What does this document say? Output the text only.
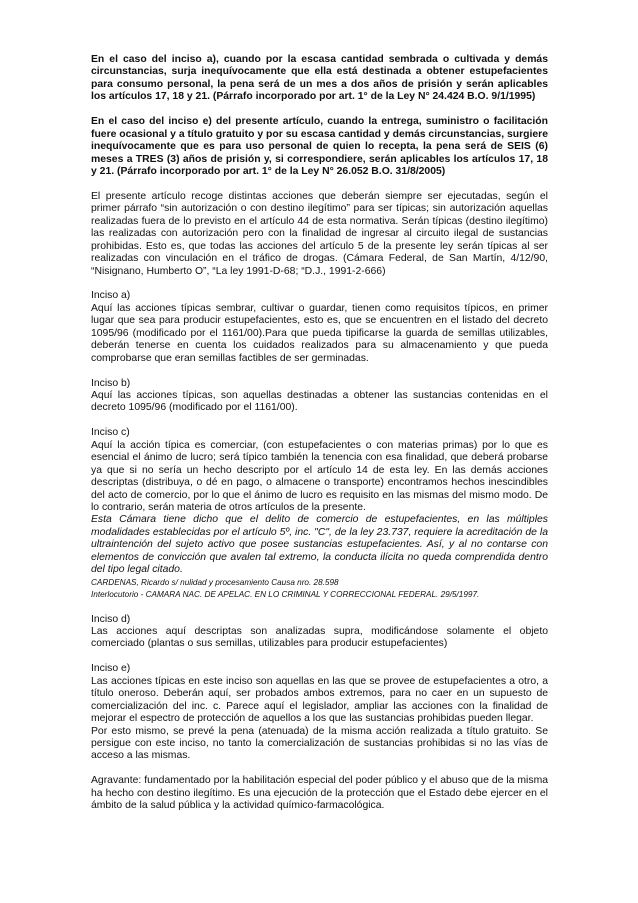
En el caso del inciso a), cuando por la escasa cantidad sembrada o cultivada y demás circunstancias, surja inequívocamente que ella está destinada a obtener estupefacientes para consumo personal, la pena será de un mes a dos años de prisión y serán aplicables los artículos 17, 18 y 21. (Párrafo incorporado por art. 1° de la Ley N° 24.424 B.O. 9/1/1995)

En el caso del inciso e) del presente artículo, cuando la entrega, suministro o facilitación fuere ocasional y a título gratuito y por su escasa cantidad y demás circunstancias, surgiere inequívocamente que es para uso personal de quien lo recepta, la pena será de SEIS (6) meses a TRES (3) años de prisión y, si correspondiere, serán aplicables los artículos 17, 18 y 21. (Párrafo incorporado por art. 1° de la Ley N° 26.052 B.O. 31/8/2005)

El presente artículo recoge distintas acciones que deberán siempre ser ejecutadas, según el primer párrafo “sin autorización o con destino ilegítimo” para ser típicas; sin autorización aquellas realizadas fuera de lo previsto en el artículo 44 de esta normativa. Serán típicas (destino ilegítimo) las realizadas con autorización pero con la finalidad de ingresar al circuito ilegal de sustancias prohibidas. Esto es, que todas las acciones del artículo 5 de la presente ley serán típicas al ser realizadas con vinculación en el tráfico de drogas. (Cámara Federal, de San Martín, 4/12/90, “Nisignano, Humberto O”, “La ley 1991-D-68; “D.J., 1991-2-666)

Inciso a)

Aquí las acciones típicas sembrar, cultivar o guardar, tienen como requisitos típicos, en primer lugar que sea para producir estupefacientes, esto es, que se encuentren en el listado del decreto 1095/96 (modificado por el 1161/00).Para que pueda tipificarse la guarda de semillas utilizables, deberán tenerse en cuenta los cuidados realizados para su almacenamiento y que pueda comprobarse que eran semillas factibles de ser germinadas.

Inciso b)

Aquí las acciones típicas, son aquellas destinadas a obtener las sustancias contenidas en el decreto 1095/96 (modificado por el 1161/00).

Inciso c)

Aquí la acción típica es comerciar, (con estupefacientes o con materias primas) por lo que es esencial el ánimo de lucro; será típico también la tenencia con esa finalidad, que deberá probarse ya que si no sería un hecho descripto por el artículo 14 de esta ley. En las demás acciones descriptas (distribuya, o dé en pago, o almacene o transporte) encontramos hechos inescindibles del acto de comercio, por lo que el ánimo de lucro es requisito en las mismas del mismo modo. De lo contrario, serán materia de otros artículos de la presente.

Esta Cámara tiene dicho que el delito de comercio de estupefacientes, en las múltiples modalidades establecidas por el artículo 5º, inc. "C", de la ley 23.737, requiere la acreditación de la ultraintención del sujeto activo que posee sustancias estupefacientes. Así, y al no contarse con elementos de convicción que avalen tal extremo, la conducta ilícita no queda comprendida dentro del tipo legal citado.

CARDENAS, Ricardo s/ nulidad y procesamiento Causa nro. 28.598

Interlocutorio - CAMARA NAC. DE APELAC. EN LO CRIMINAL Y CORRECCIONAL FEDERAL. 29/5/1997.

Inciso d)

Las acciones aquí descriptas son analizadas supra, modificándose solamente el objeto comerciado (plantas o sus semillas, utilizables para producir estupefacientes)

Inciso e)

Las acciones típicas en este inciso son aquellas en las que se provee de estupefacientes a otro, a título oneroso. Deberán aquí, ser probados ambos extremos, para no caer en un supuesto de comercialización del inc. c. Parece aquí el legislador, ampliar las acciones con la finalidad de mejorar el espectro de protección de aquellos a los que las sustancias prohibidas pueden llegar.

Por esto mismo, se prevé la pena (atenuada) de la misma acción realizada a título gratuito. Se persigue con este inciso, no tanto la comercialización de sustancias prohibidas si no las vías de acceso a las mismas.

Agravante: fundamentado por la habilitación especial del poder público y el abuso que de la misma ha hecho con destino ilegítimo. Es una ejecución de la protección que el Estado debe ejercer en el ámbito de la salud pública y la actividad químico-farmacológica.
